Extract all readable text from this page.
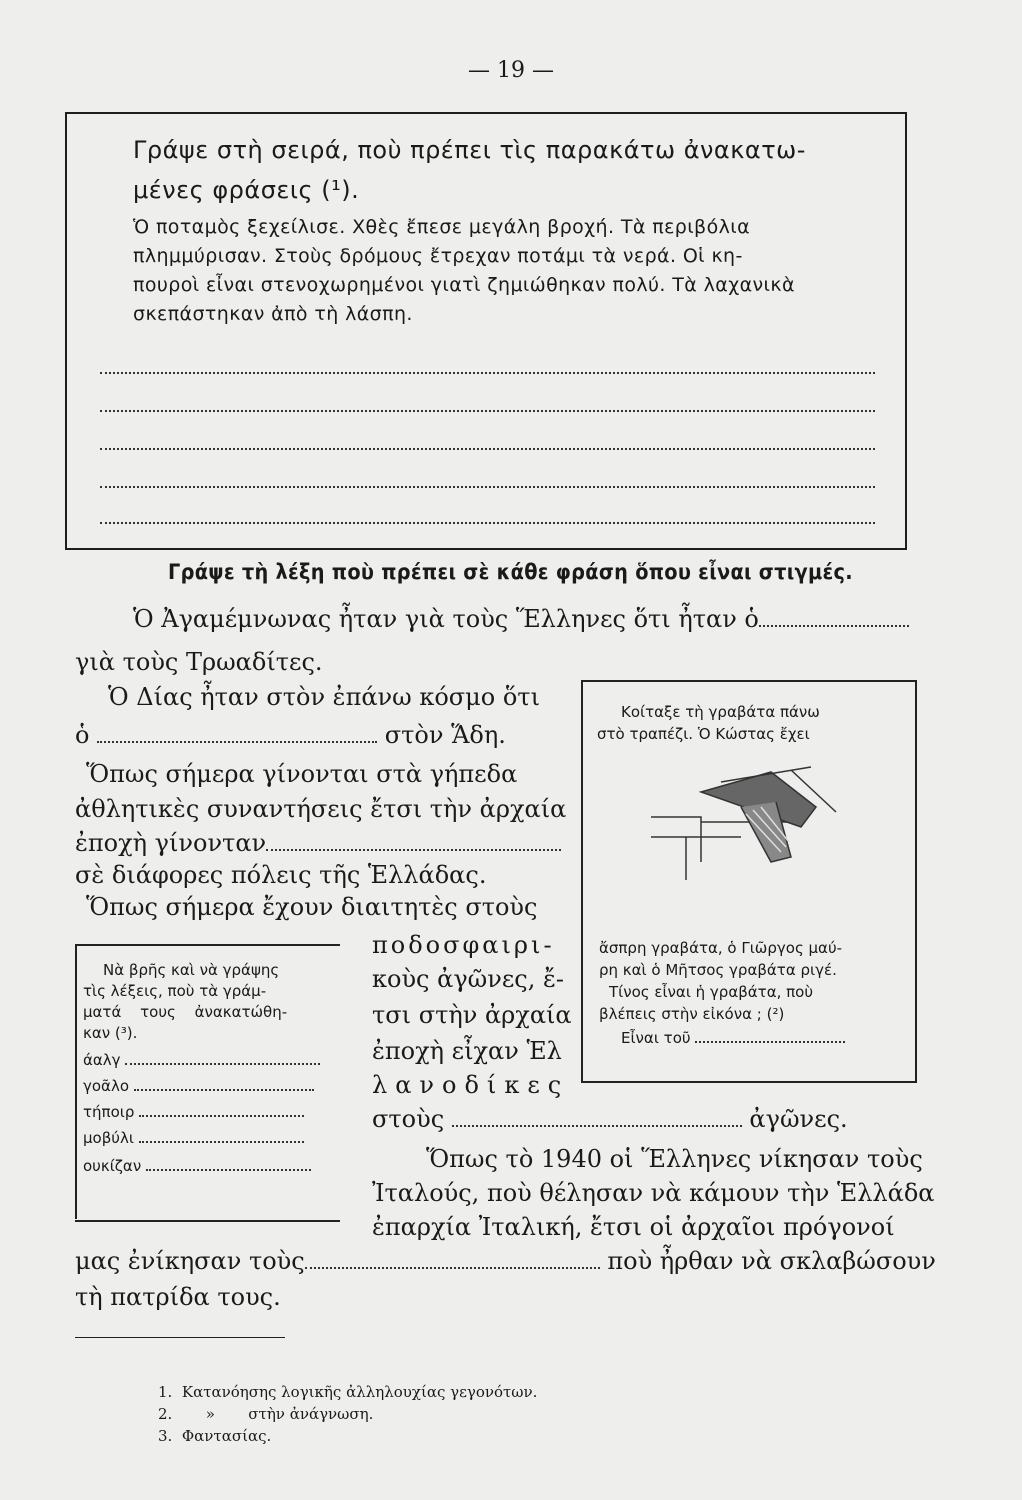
— 19 —
Γράψε στὴ σειρά, ποὺ πρέπει τὶς παρακάτω ἀνακατω-
μένες φράσεις (¹).
Ὁ ποταμὸς ξεχείλισε. Χθὲς ἔπεσε μεγάλη βροχή. Τὰ περιβόλια
πλημμύρισαν. Στοὺς δρόμους ἔτρεχαν ποτάμι τὰ νερά. Οἱ κη-
πουροὶ εἶναι στενοχωρημένοι γιατὶ ζημιώθηκαν πολύ. Τὰ λαχανικὰ
σκεπάστηκαν ἀπὸ τὴ λάσπη.
Γράψε τὴ λέξη ποὺ πρέπει σὲ κάθε φράση ὅπου εἶναι στιγμές.
Ὁ Ἀγαμέμνωνας ἦταν γιὰ τοὺς Ἕλληνες ὅτι ἦταν ὁ
γιὰ τοὺς Τρωαδίτες.
Ὁ Δίας ἦταν στὸν ἐπάνω κόσμο ὅτι
ὁ	στὸν Ἅδη.
Ὅπως σήμερα γίνονται στὰ γήπεδα
ἀθλητικὲς συναντήσεις ἔτσι τὴν ἀρχαία
ἐποχὴ γίνονταν
σὲ διάφορες πόλεις τῆς Ἑλλάδας.
Ὅπως σήμερα ἔχουν διαιτητὲς στοὺς
ποδοσφαιρι-
κοὺς ἀγῶνες, ἔ-
τσι στὴν ἀρχαία
ἐποχὴ εἶχαν Ἑλ
λανοδίκες
στοὺς	ἀγῶνες.
Ὅπως τὸ 1940 οἱ Ἕλληνες νίκησαν τοὺς
Ἰταλούς, ποὺ θέλησαν νὰ κάμουν τὴν Ἑλλάδα
ἐπαρχία Ἰταλική, ἔτσι οἱ ἀρχαῖοι πρόγονοί
μας ἐνίκησαν τοὺς	ποὺ ἦρθαν νὰ σκλαβώσουν
τὴ πατρίδα τους.
Κοίταξε τὴ γραβάτα πάνω
στὸ τραπέζι. Ὁ Κώστας ἔχει
ἄσπρη γραβάτα, ὁ Γιῶργος μαύ-
ρη καὶ ὁ Μῆτσος γραβάτα ριγέ.
Τίνος εἶναι ἡ γραβάτα, ποὺ
βλέπεις στὴν εἰκόνα ; (²)
Εἶναι τοῦ
Νὰ βρῆς καὶ νὰ γράψης
τὶς λέξεις, ποὺ τὰ γράμ-
ματά τους ἀνακατώθη-
καν (³).
άαλγ
γοᾶλο
τήποιρ
μοβύλι
ουκίζαν
1. Κατανόησης λογικῆς ἀλληλουχίας γεγονότων.
2. » στὴν ἀνάγνωση.
3. Φαντασίας.
